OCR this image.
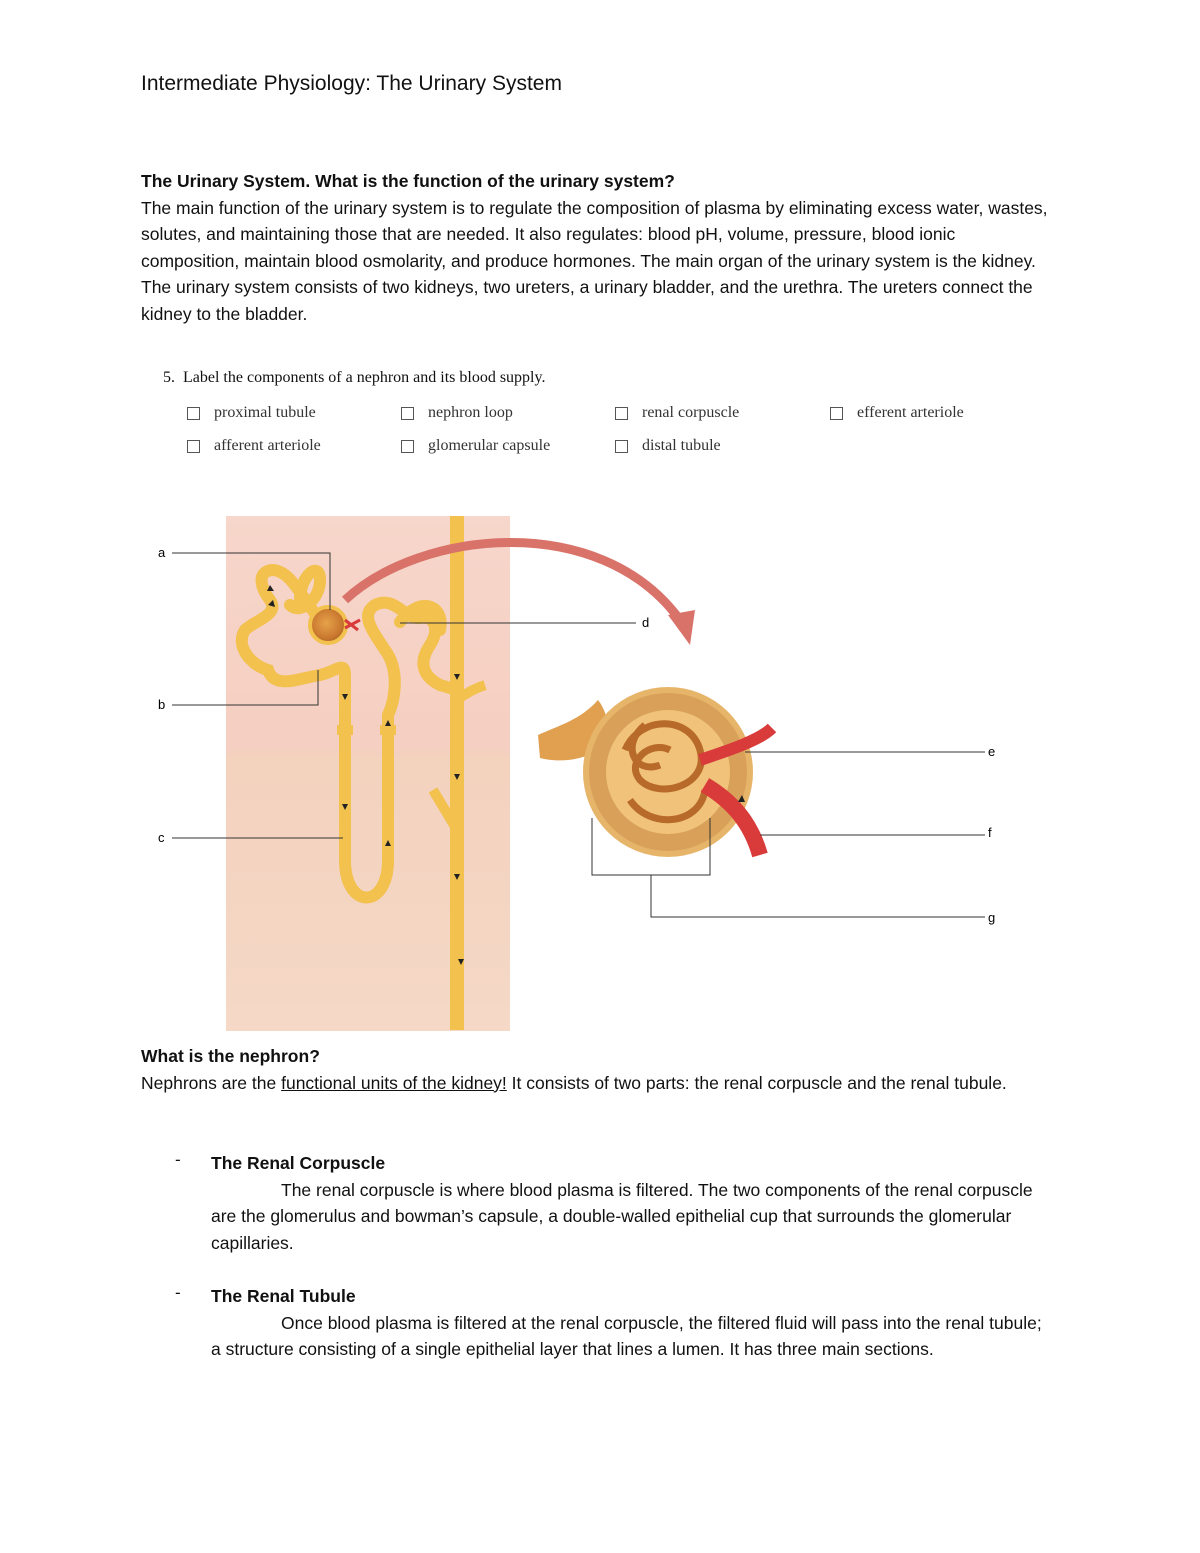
Intermediate Physiology: The Urinary System
The Urinary System. What is the function of the urinary system?
The main function of the urinary system is to regulate the composition of plasma by eliminating excess water, wastes, solutes, and maintaining those that are needed. It also regulates: blood pH, volume, pressure, blood ionic composition, maintain blood osmolarity, and produce hormones. The main organ of the urinary system is the kidney. The urinary system consists of two kidneys, two ureters, a urinary bladder, and the urethra. The ureters connect the kidney to the bladder.
5. Label the components of a nephron and its blood supply.
proximal tubule	nephron loop	renal corpuscle	efferent arteriole
afferent arteriole	glomerular capsule	distal tubule
a
b
c
d
e
f
g
What is the nephron?
Nephrons are the functional units of the kidney! It consists of two parts: the renal corpuscle and the renal tubule.
- The Renal Corpuscle
The renal corpuscle is where blood plasma is filtered. The two components of the renal corpuscle are the glomerulus and bowman’s capsule, a double-walled epithelial cup that surrounds the glomerular capillaries.
- The Renal Tubule
Once blood plasma is filtered at the renal corpuscle, the filtered fluid will pass into the renal tubule; a structure consisting of a single epithelial layer that lines a lumen. It has three main sections.
